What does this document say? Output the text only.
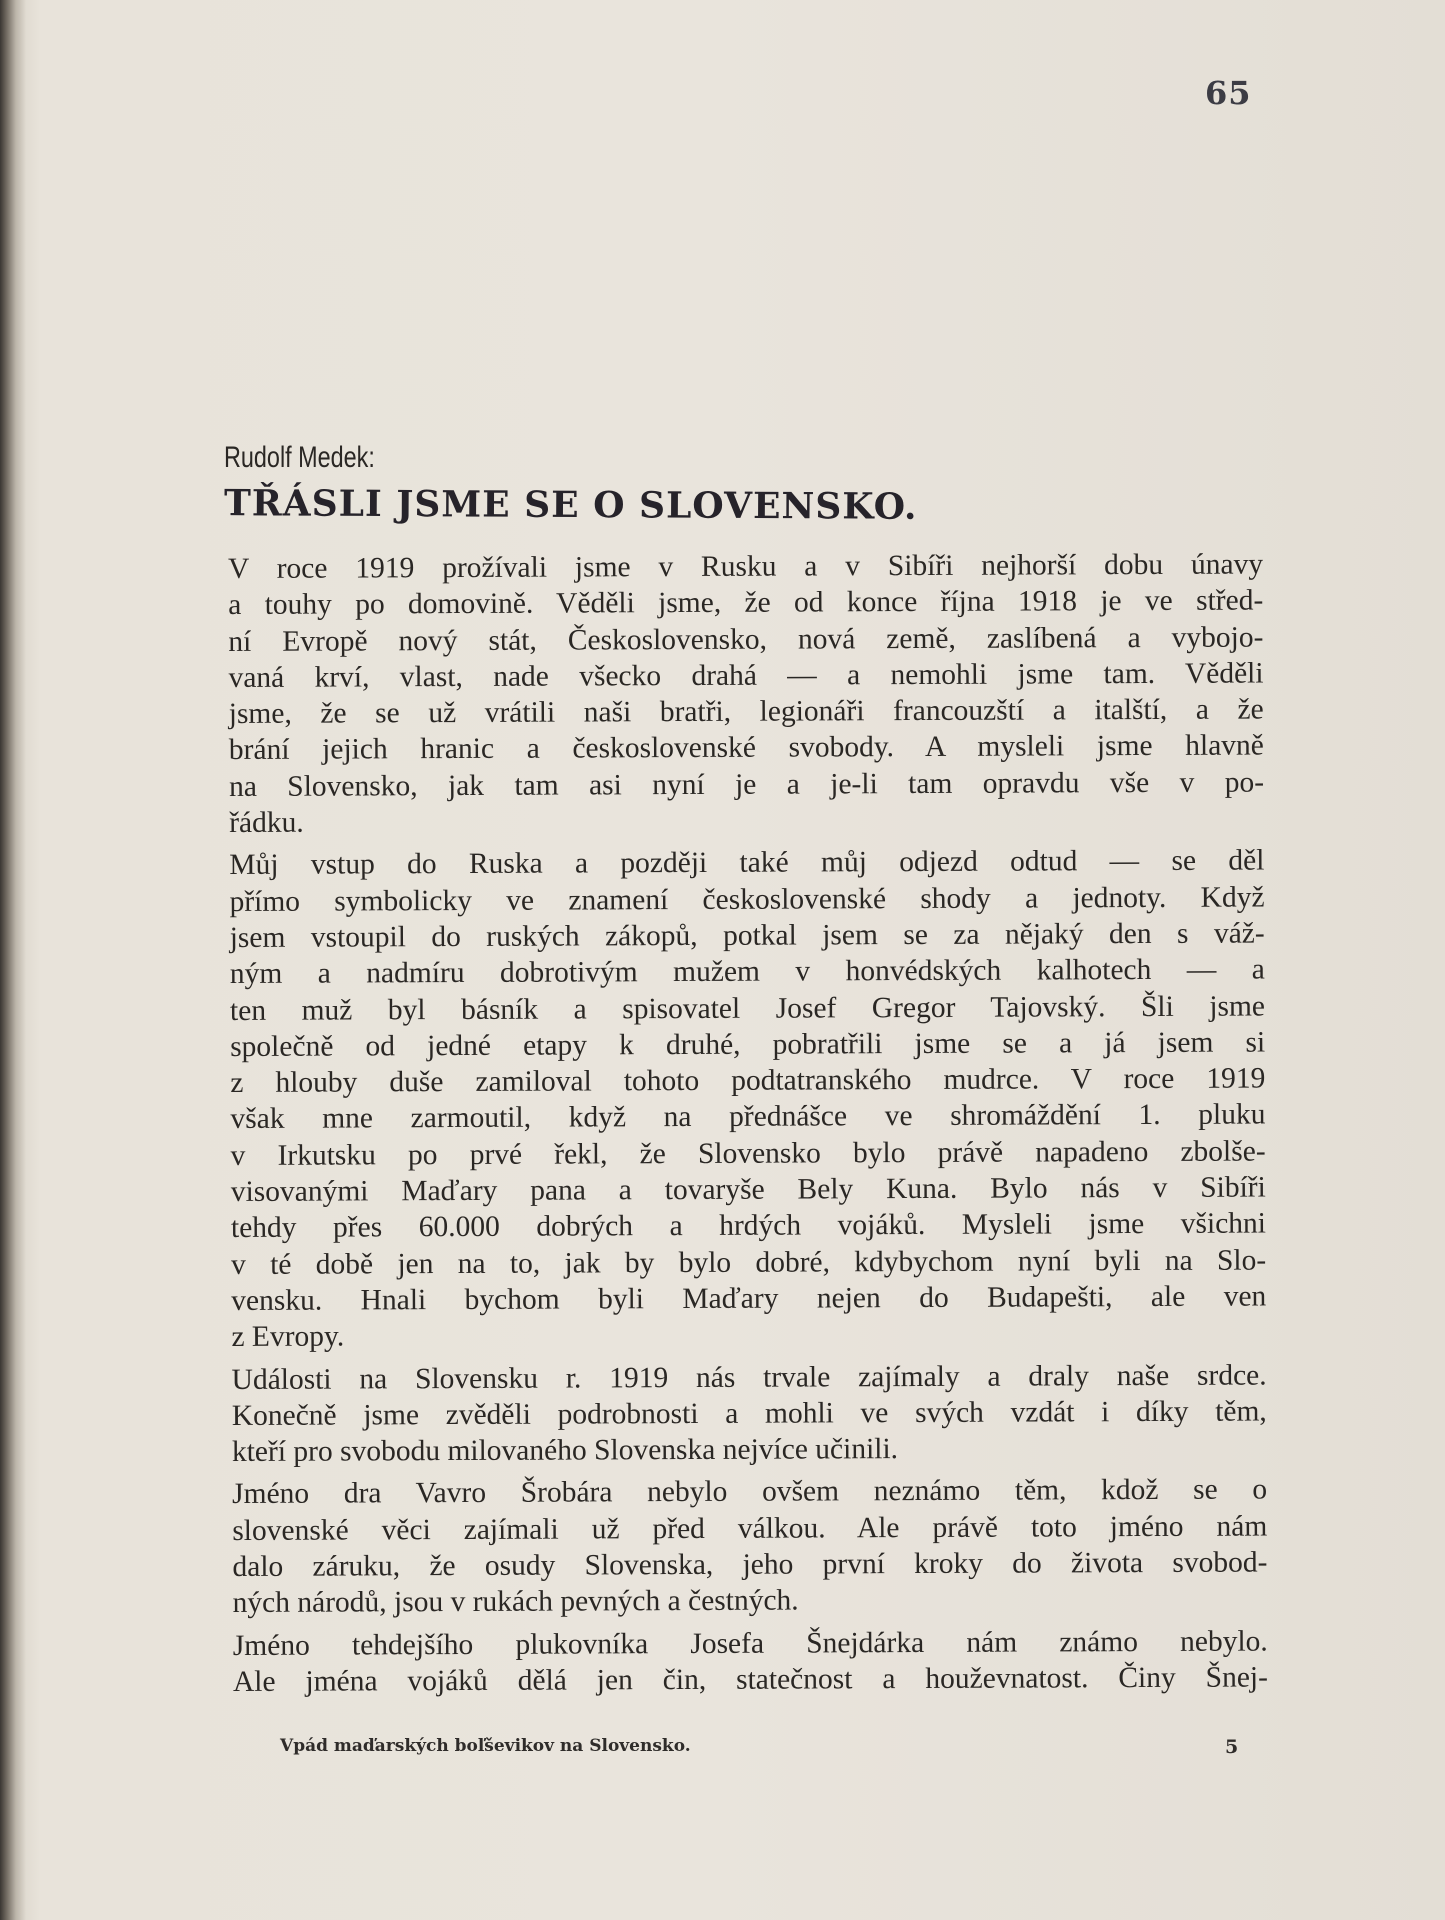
65
Rudolf Medek:
TŘÁSLI JSME SE O SLOVENSKO.

V roce 1919 prožívali jsme v Rusku a v Sibíři nejhorší dobu únavy
a touhy po domovině. Věděli jsme, že od konce října 1918 je ve střed-
ní Evropě nový stát, Československo, nová země, zaslíbená a vybojo-
vaná krví, vlast, nade všecko drahá — a nemohli jsme tam. Věděli
jsme, že se už vrátili naši bratři, legionáři francouzští a italští, a že
brání jejich hranic a československé svobody. A mysleli jsme hlavně
na Slovensko, jak tam asi nyní je a je-li tam opravdu vše v po-
řádku.

Můj vstup do Ruska a později také můj odjezd odtud — se děl
přímo symbolicky ve znamení československé shody a jednoty. Když
jsem vstoupil do ruských zákopů, potkal jsem se za nějaký den s váž-
ným a nadmíru dobrotivým mužem v honvédských kalhotech — a
ten muž byl básník a spisovatel Josef Gregor Tajovský. Šli jsme
společně od jedné etapy k druhé, pobratřili jsme se a já jsem si
z hlouby duše zamiloval tohoto podtatranského mudrce. V roce 1919
však mne zarmoutil, když na přednášce ve shromáždění 1. pluku
v Irkutsku po prvé řekl, že Slovensko bylo právě napadeno zbolše-
visovanými Maďary pana a tovaryše Bely Kuna. Bylo nás v Sibíři
tehdy přes 60.000 dobrých a hrdých vojáků. Mysleli jsme všichni
v té době jen na to, jak by bylo dobré, kdybychom nyní byli na Slo-
vensku. Hnali bychom byli Maďary nejen do Budapešti, ale ven
z Evropy.

Události na Slovensku r. 1919 nás trvale zajímaly a draly naše srdce.
Konečně jsme zvěděli podrobnosti a mohli ve svých vzdát i díky těm,
kteří pro svobodu milovaného Slovenska nejvíce učinili.

Jméno dra Vavro Šrobára nebylo ovšem neznámo těm, kdož se o
slovenské věci zajímali už před válkou. Ale právě toto jméno nám
dalo záruku, že osudy Slovenska, jeho první kroky do života svobod-
ných národů, jsou v rukách pevných a čestných.

Jméno tehdejšího plukovníka Josefa Šnejdárka nám známo nebylo.
Ale jména vojáků dělá jen čin, statečnost a houževnatost. Činy Šnej-

Vpád maďarských boľševikov na Slovensko.	5
